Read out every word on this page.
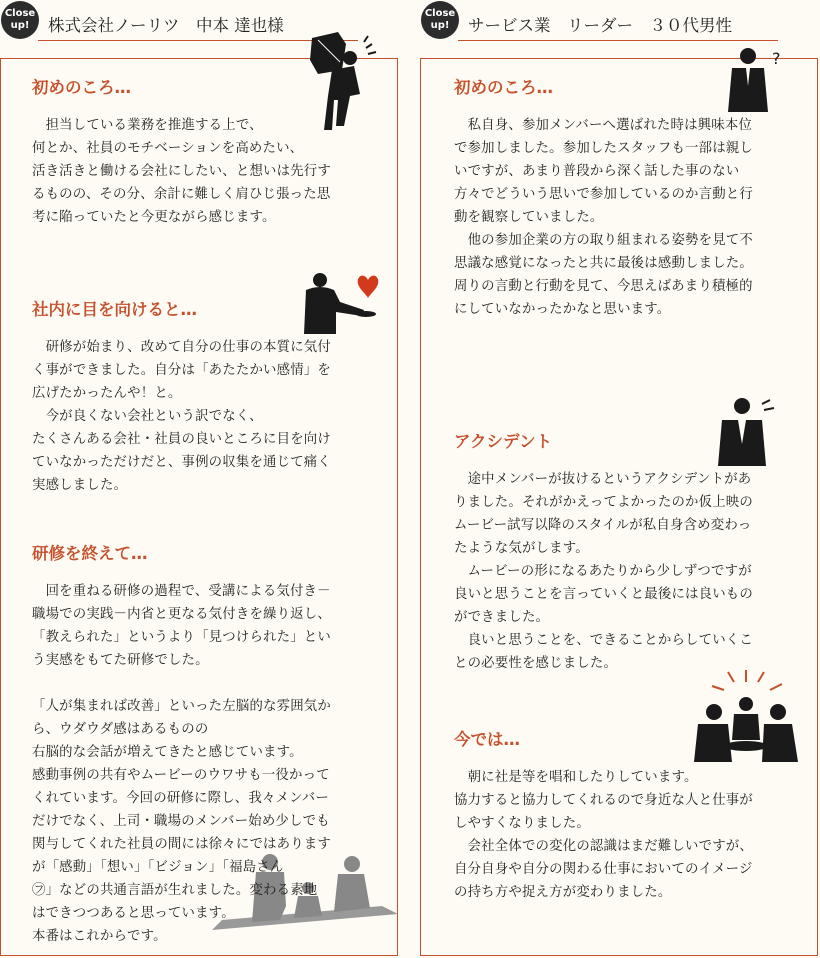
Close
up!	株式会社ノーリツ　中本 達也様
初めのころ…

　担当している業務を推進する上で、
何とか、社員のモチベーションを高めたい、
活き活きと働ける会社にしたい、と想いは先行す
るものの、その分、余計に難しく肩ひじ張った思
考に陥っていたと今更ながら感じます。

社内に目を向けると…

　研修が始まり、改めて自分の仕事の本質に気付
く事ができました。自分は「あたたかい感情」を
広げたかったんや！と。
　今が良くない会社という訳でなく、
たくさんある会社・社員の良いところに目を向け
ていなかっただけだと、事例の収集を通じて痛く
実感しました。

研修を終えて…

　回を重ねる研修の過程で、受講による気付き－
職場での実践－内省と更なる気付きを繰り返し、
「教えられた」というより「見つけられた」とい
う実感をもてた研修でした。

「人が集まれば改善」といった左脳的な雰囲気か
ら、ウダウダ感はあるものの
右脳的な会話が増えてきたと感じています。
感動事例の共有やムービーのウワサも一役かって
くれています。今回の研修に際し、我々メンバー
だけでなく、上司・職場のメンバー始め少しでも
関与してくれた社員の間には徐々にではあります
が「感動」「想い」「ビジョン」「福島さん
㋫」などの共通言語が生れました。変わる素地
はできつつあると思っています。
本番はこれからです。

Close
up!	サービス業　リーダー　３０代男性
?
初めのころ…

　私自身、参加メンバーへ選ばれた時は興味本位
で参加しました。参加したスタッフも一部は親し
いですが、あまり普段から深く話した事のない
方々でどういう思いで参加しているのか言動と行
動を観察していました。
　他の参加企業の方の取り組まれる姿勢を見て不
思議な感覚になったと共に最後は感動しました。
周りの言動と行動を見て、今思えばあまり積極的
にしていなかったかなと思います。

アクシデント

　途中メンバーが抜けるというアクシデントがあ
りました。それがかえってよかったのか仮上映の
ムービー試写以降のスタイルが私自身含め変わっ
たような気がします。
　ムービーの形になるあたりから少しずつですが
良いと思うことを言っていくと最後には良いもの
ができました。
　良いと思うことを、できることからしていくこ
との必要性を感じました。

今では…

　朝に社是等を唱和したりしています。
協力すると協力してくれるので身近な人と仕事が
しやすくなりました。
　会社全体での変化の認識はまだ難しいですが、
自分自身や自分の関わる仕事においてのイメージ
の持ち方や捉え方が変わりました。
